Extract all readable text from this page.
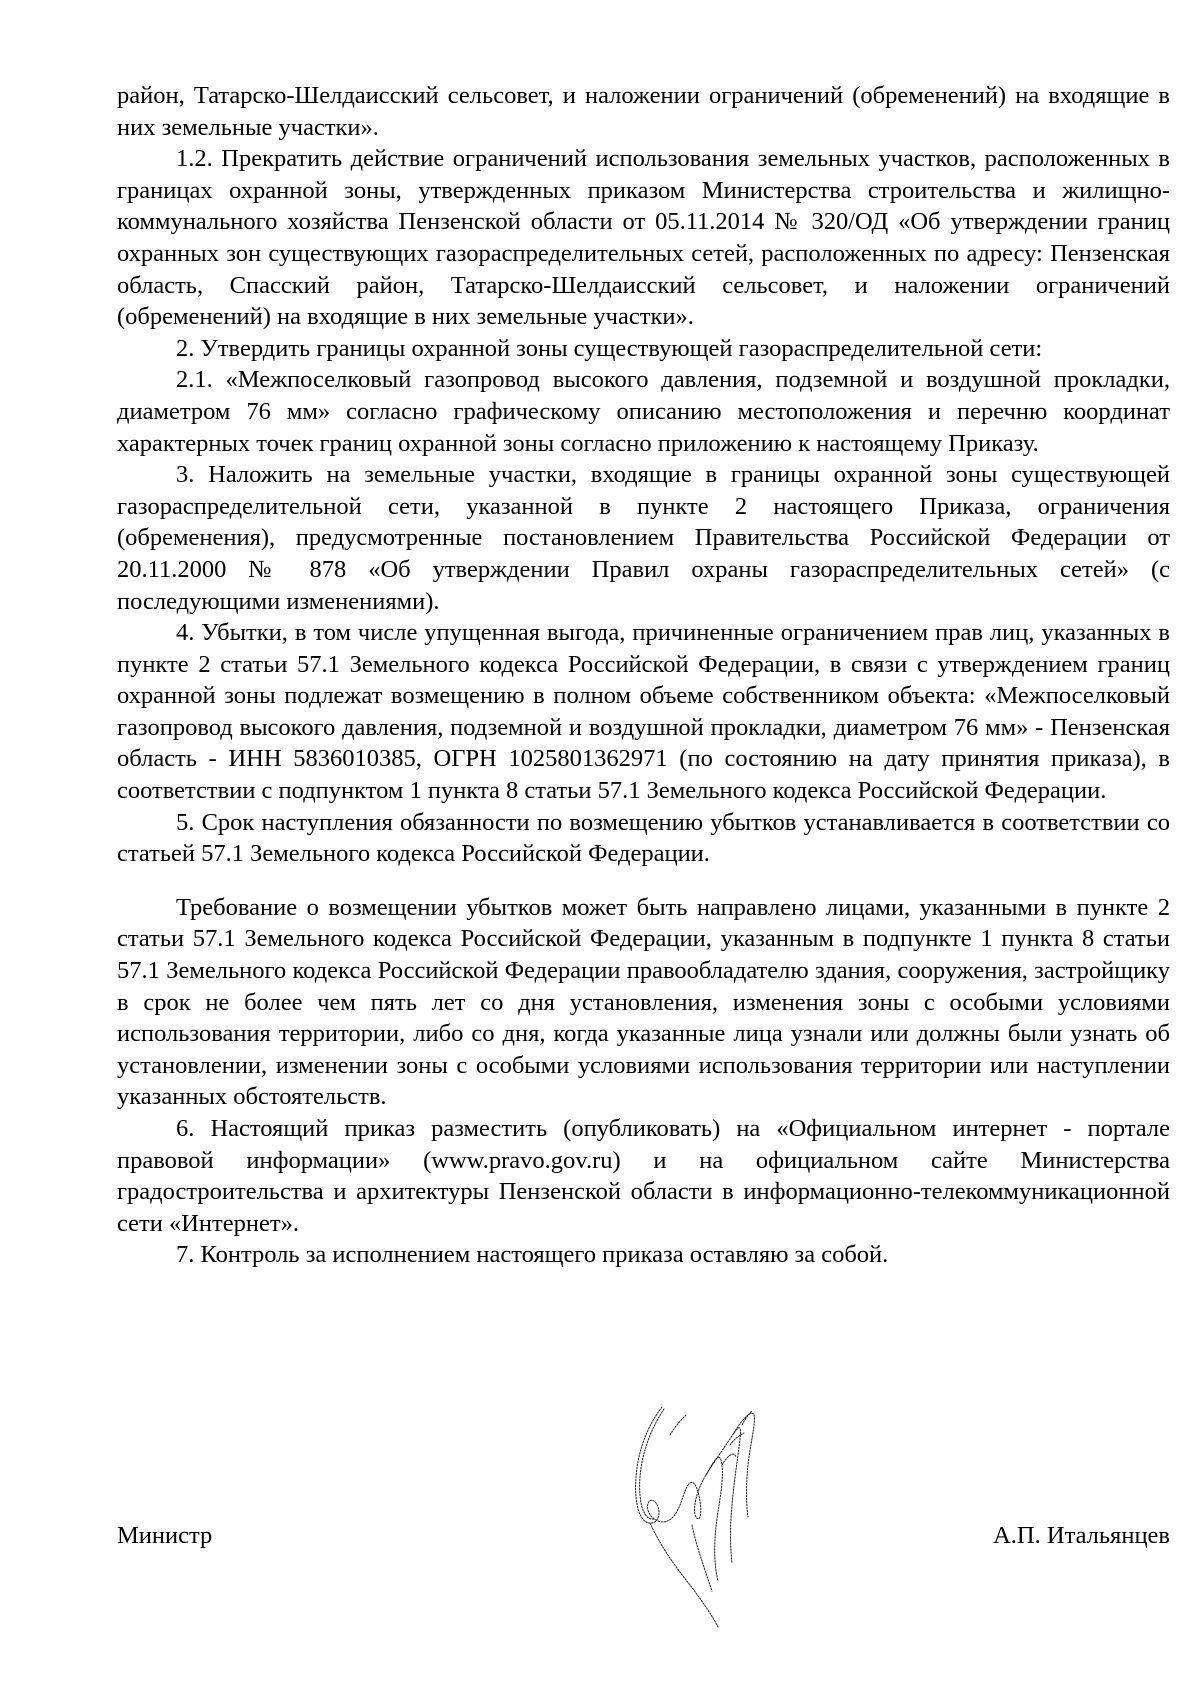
район, Татарско-Шелдаисский сельсовет, и наложении ограничений (обременений) на входящие в них земельные участки».

1.2. Прекратить действие ограничений использования земельных участков, расположенных в границах охранной зоны, утвержденных приказом Министерства строительства и жилищно-коммунального хозяйства Пензенской области от 05.11.2014 № 320/ОД «Об утверждении границ охранных зон существующих газораспределительных сетей, расположенных по адресу: Пензенская область, Спасский район, Татарско-Шелдаисский сельсовет, и наложении ограничений (обременений) на входящие в них земельные участки».

2. Утвердить границы охранной зоны существующей газораспределительной сети:

2.1. «Межпоселковый газопровод высокого давления, подземной и воздушной прокладки, диаметром 76 мм» согласно графическому описанию местоположения и перечню координат характерных точек границ охранной зоны согласно приложению к настоящему Приказу.

3. Наложить на земельные участки, входящие в границы охранной зоны существующей газораспределительной сети, указанной в пункте 2 настоящего Приказа, ограничения (обременения), предусмотренные постановлением Правительства Российской Федерации от 20.11.2000 № 878 «Об утверждении Правил охраны газораспределительных сетей» (с последующими изменениями).

4. Убытки, в том числе упущенная выгода, причиненные ограничением прав лиц, указанных в пункте 2 статьи 57.1 Земельного кодекса Российской Федерации, в связи с утверждением границ охранной зоны подлежат возмещению в полном объеме собственником объекта: «Межпоселковый газопровод высокого давления, подземной и воздушной прокладки, диаметром 76 мм» - Пензенская область - ИНН 5836010385, ОГРН 1025801362971 (по состоянию на дату принятия приказа), в соответствии с подпунктом 1 пункта 8 статьи 57.1 Земельного кодекса Российской Федерации.

5. Срок наступления обязанности по возмещению убытков устанавливается в соответствии со статьей 57.1 Земельного кодекса Российской Федерации.

Требование о возмещении убытков может быть направлено лицами, указанными в пункте 2 статьи 57.1 Земельного кодекса Российской Федерации, указанным в подпункте 1 пункта 8 статьи 57.1 Земельного кодекса Российской Федерации правообладателю здания, сооружения, застройщику в срок не более чем пять лет со дня установления, изменения зоны с особыми условиями использования территории, либо со дня, когда указанные лица узнали или должны были узнать об установлении, изменении зоны с особыми условиями использования территории или наступлении указанных обстоятельств.

6. Настоящий приказ разместить (опубликовать) на «Официальном интернет - портале правовой информации» (www.pravo.gov.ru) и на официальном сайте Министерства градостроительства и архитектуры Пензенской области в информационно-телекоммуникационной сети «Интернет».

7. Контроль за исполнением настоящего приказа оставляю за собой.

Министр	А.П. Итальянцев
